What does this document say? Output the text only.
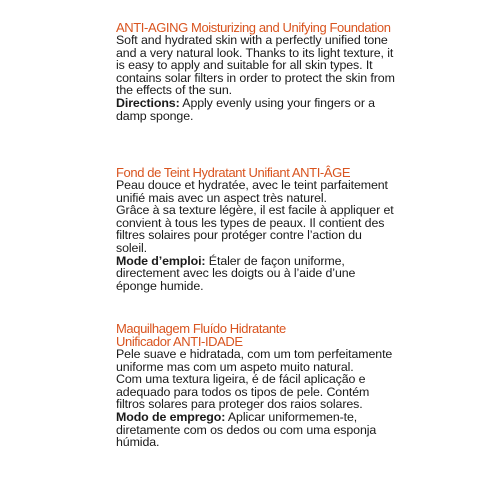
ANTI-AGING Moisturizing and Unifying Foundation

Soft and hydrated skin with a perfectly unified tone and a very natural look. Thanks to its light texture, it is easy to apply and suitable for all skin types. It contains solar filters in order to protect the skin from the effects of the sun.

Directions: Apply evenly using your fingers or a damp sponge.

Fond de Teint Hydratant Unifiant ANTI-ÂGE

Peau douce et hydratée, avec le teint parfaitement unifié mais avec un aspect très naturel.

Grâce à sa texture légère, il est facile à appliquer et convient à tous les types de peaux. Il contient des filtres solaires pour protéger contre l’action du soleil.

Mode d’emploi: Étaler de façon uniforme, directement avec les doigts ou à l’aide d’une éponge humide.

Maquilhagem Fluído Hidratante

Unificador ANTI-IDADE

Pele suave e hidratada, com um tom perfeitamente uniforme mas com um aspeto muito natural.

Com uma textura ligeira, é de fácil aplicação e adequado para todos os tipos de pele. Contém filtros solares para proteger dos raios solares.

Modo de emprego: Aplicar uniformemen-te, diretamente com os dedos ou com uma esponja húmida.
